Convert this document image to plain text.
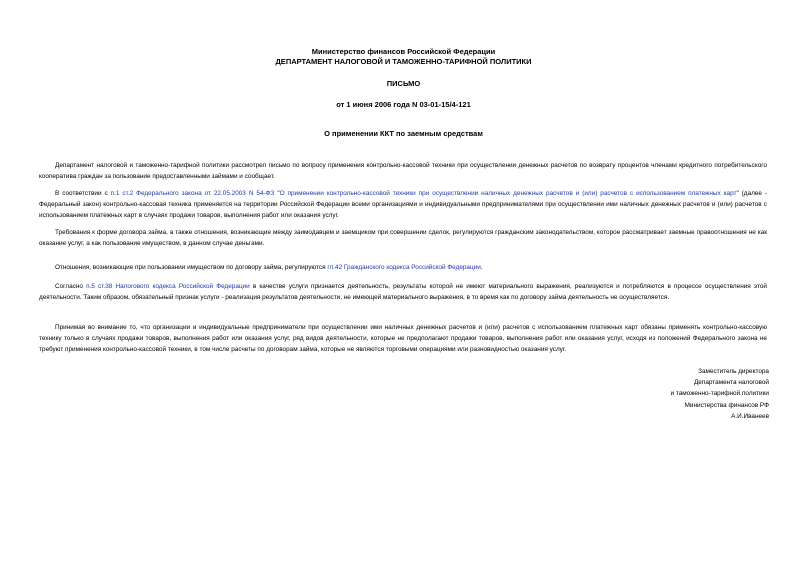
Министерство финансов Российской Федерации
ДЕПАРТАМЕНТ НАЛОГОВОЙ И ТАМОЖЕННО-ТАРИФНОЙ ПОЛИТИКИ
ПИСЬМО
от 1 июня 2006 года N 03-01-15/4-121
О применении ККТ по заемным средствам
Департамент налоговой и таможенно-тарифной политики рассмотрел письмо по вопросу применения контрольно-кассовой техники при осуществлении денежных расчетов по возврату процентов членами кредитного потребительского кооператива граждан за пользование предоставленными займами и сообщает.
В соответствии с п.1 ст.2 Федерального закона от 22.05.2003 N 54-ФЗ "О применении контрольно-кассовой техники при осуществлении наличных денежных расчетов и (или) расчетов с использованием платежных карт" (далее - Федеральный закон) контрольно-кассовая техника применяется на территории Российской Федерации всеми организациями и индивидуальными предпринимателями при осуществлении ими наличных денежных расчетов и (или) расчетов с использованием платежных карт в случаях продажи товаров, выполнения работ или оказания услуг.
Требования к форме договора займа, а также отношения, возникающие между заимодавцем и заемщиком при совершении сделок, регулируются гражданским законодательством, которое рассматривает заемные правоотношения не как оказание услуг, а как пользование имуществом, в данном случае деньгами.
Отношения, возникающие при пользовании имуществом по договору займа, регулируются гл.42 Гражданского кодекса Российской Федерации.
Согласно п.5 ст.38 Налогового кодекса Российской Федерации в качестве услуги признается деятельность, результаты которой не имеют материального выражения, реализуются и потребляются в процессе осуществления этой деятельности. Таким образом, обязательный признак услуги - реализация результатов деятельности, не имеющей материального выражения, в то время как по договору займа деятельность не осуществляется.
Принимая во внимание то, что организации и индивидуальные предприниматели при осуществлении ими наличных денежных расчетов и (или) расчетов с использованием платежных карт обязаны применять контрольно-кассовую технику только в случаях продажи товаров, выполнения работ или оказания услуг, ряд видов деятельности, которые не предполагают продажи товаров, выполнения работ или оказания услуг, исходя из положений Федерального закона не требуют применения контрольно-кассовой техники, в том числе расчеты по договорам займа, которые не являются торговыми операциями или разновидностью оказания услуг.
Заместитель директора
Департамента налоговой
и таможенно-тарифной политики
Министерства финансов РФ
А.И.Иванеев
